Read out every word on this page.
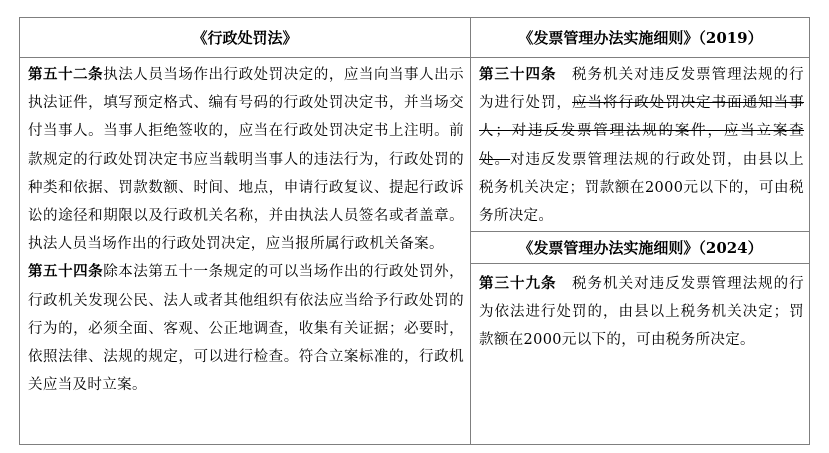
《行政处罚法》

第五十二条执法人员当场作出行政处罚决定的，应当向当事人出示执法证件，填写预定格式、编有号码的行政处罚决定书，并当场交付当事人。当事人拒绝签收的，应当在行政处罚决定书上注明。前款规定的行政处罚决定书应当载明当事人的违法行为，行政处罚的种类和依据、罚款数额、时间、地点，申请行政复议、提起行政诉讼的途径和期限以及行政机关名称，并由执法人员签名或者盖章。执法人员当场作出的行政处罚决定，应当报所属行政机关备案。

第五十四条除本法第五十一条规定的可以当场作出的行政处罚外，行政机关发现公民、法人或者其他组织有依法应当给予行政处罚的行为的，必须全面、客观、公正地调查，收集有关证据；必要时，依照法律、法规的规定，可以进行检查。符合立案标准的，行政机关应当及时立案。

《发票管理办法实施细则》（2019）

第三十四条　税务机关对违反发票管理法规的行为进行处罚，应当将行政处罚决定书面通知当事人；对违反发票管理法规的案件，应当立案查处。对违反发票管理法规的行政处罚，由县以上税务机关决定；罚款额在2000元以下的，可由税务所决定。

《发票管理办法实施细则》（2024）

第三十九条　税务机关对违反发票管理法规的行为依法进行处罚的，由县以上税务机关决定；罚款额在2000元以下的，可由税务所决定。
